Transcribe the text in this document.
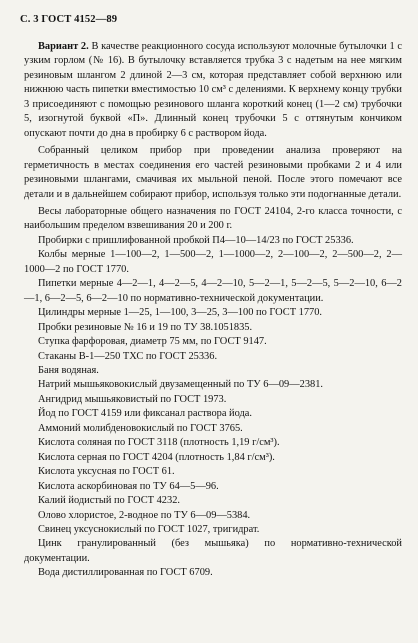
С. 3 ГОСТ 4152—89

Вариант 2. В качестве реакционного сосуда используют молочные бутылочки 1 с узким горлом (№ 16). В бутылочку вставляется трубка 3 с надетым на нее мягким резиновым шлангом 2 длиной 2—3 см, которая представляет собой верхнюю или нижнюю часть пипетки вместимостью 10 см³ с делениями. К верхнему концу трубки 3 присоединяют с помощью резинового шланга короткий конец (1—2 см) трубочки 5, изогнутой буквой «П». Длинный конец трубочки 5 с оттянутым кончиком опускают почти до дна в пробирку 6 с раствором йода.

Собранный целиком прибор при проведении анализа проверяют на герметичность в местах соединения его частей резиновыми пробками 2 и 4 или резиновыми шлангами, смачивая их мыльной пеной. После этого помечают все детали и в дальнейшем собирают прибор, используя только эти подогнанные детали.

Весы лабораторные общего назначения по ГОСТ 24104, 2-го класса точности, с наибольшим пределом взвешивания 20 и 200 г.

Пробирки с пришлифованной пробкой П4—10—14/23 по ГОСТ 25336.

Колбы мерные 1—100—2, 1—500—2, 1—1000—2, 2—100—2, 2—500—2, 2—1000—2 по ГОСТ 1770.

Пипетки мерные 4—2—1, 4—2—5, 4—2—10, 5—2—1, 5—2—5, 5—2—10, 6—2—1, 6—2—5, 6—2—10 по нормативно-технической документации.

Цилиндры мерные 1—25, 1—100, 3—25, 3—100 по ГОСТ 1770.

Пробки резиновые № 16 и 19 по ТУ 38.1051835.

Ступка фарфоровая, диаметр 75 мм, по ГОСТ 9147.

Стаканы В-1—250 ТХС по ГОСТ 25336.

Баня водяная.

Натрий мышьяковокислый двузамещенный по ТУ 6—09—2381.

Ангидрид мышьяковистый по ГОСТ 1973.

Йод по ГОСТ 4159 или фиксанал раствора йода.

Аммоний молибденовокислый по ГОСТ 3765.

Кислота соляная по ГОСТ 3118 (плотность 1,19 г/см³).

Кислота серная по ГОСТ 4204 (плотность 1,84 г/см³).

Кислота уксусная по ГОСТ 61.

Кислота аскорбиновая по ТУ 64—5—96.

Калий йодистый по ГОСТ 4232.

Олово хлористое, 2-водное по ТУ 6—09—5384.

Свинец уксуснокислый по ГОСТ 1027, тригидрат.

Цинк гранулированный (без мышьяка) по нормативно-технической документации.

Вода дистиллированная по ГОСТ 6709.
